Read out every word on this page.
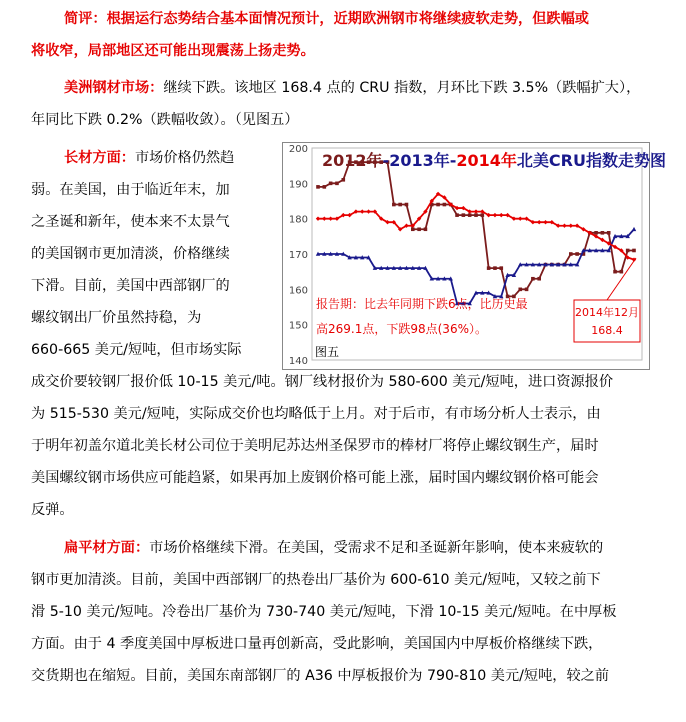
简评：根据运行态势结合基本面情况预计，近期欧洲钢市将继续疲软走势，但跌幅或
将收窄，局部地区还可能出现震荡上扬走势。
美洲钢材市场：继续下跌。该地区 168.4 点的 CRU 指数，月环比下跌 3.5%（跌幅扩大），
年同比下跌 0.2%（跌幅收敛）。（见图五）
长材方面：市场价格仍然趋
弱。在美国，由于临近年末，加
之圣诞和新年，使本来不太景气
的美国钢市更加清淡，价格继续
下滑。目前，美国中西部钢厂的
螺纹钢出厂价虽然持稳，为
660-665 美元/短吨，但市场实际
成交价要较钢厂报价低 10-15 美元/吨。钢厂线材报价为 580-600 美元/短吨，进口资源报价
为 515-530 美元/短吨，实际成交价也均略低于上月。对于后市，有市场分析人士表示，由
于明年初盖尔道北美长材公司位于美明尼苏达州圣保罗市的棒材厂将停止螺纹钢生产，届时
美国螺纹钢市场供应可能趋紧，如果再加上废钢价格可能上涨，届时国内螺纹钢价格可能会
反弹。
扁平材方面：市场价格继续下滑。在美国，受需求不足和圣诞新年影响，使本来疲软的
钢市更加清淡。目前，美国中西部钢厂的热卷出厂基价为 600-610 美元/短吨，又较之前下
滑 5-10 美元/短吨。冷卷出厂基价为 730-740 美元/短吨，下滑 10-15 美元/短吨。在中厚板
方面。由于 4 季度美国中厚板进口量再创新高，受此影响，美国国内中厚板价格继续下跌，
交货期也在缩短。目前，美国东南部钢厂的 A36 中厚板报价为 790-810 美元/短吨，较之前
200
190
180
170
160
150
140
2012年-2013年-2014年北美CRU指数走势图
报告期：比去年同期下跌6点，比历史最
高269.1点，下跌98点(36%）。
2014年12月
168.4
图五
